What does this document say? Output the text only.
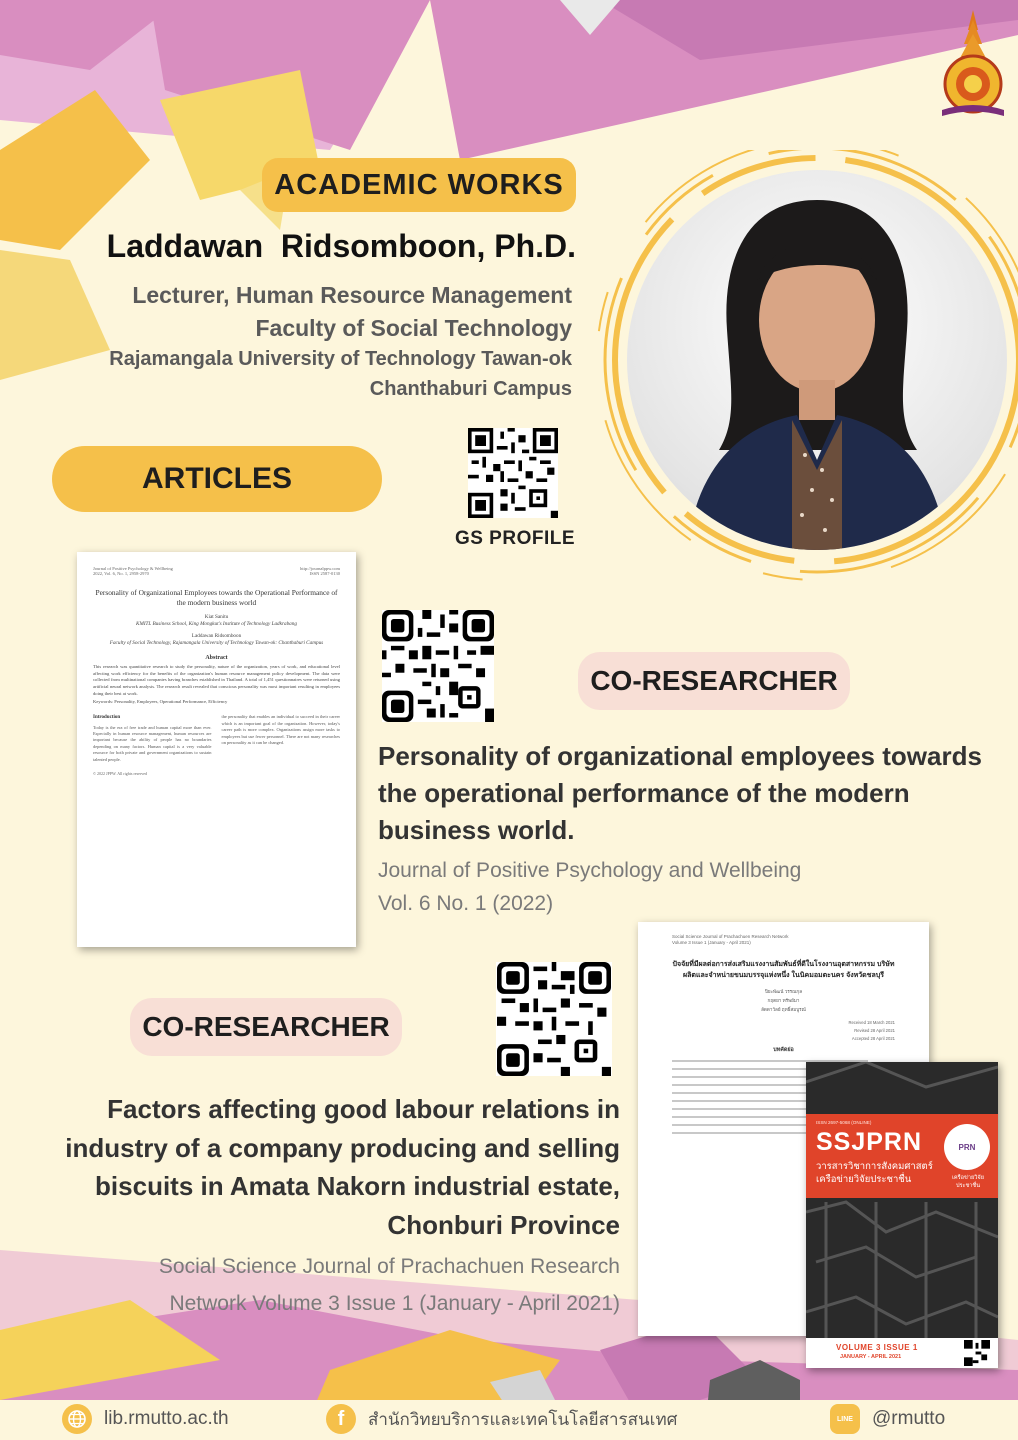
ACADEMIC WORKS
Laddawan  Ridsomboon, Ph.D.
Lecturer, Human Resource Management
Faculty of Social Technology
Rajamangala University of Technology Tawan-ok
Chanthaburi Campus
ARTICLES
GS PROFILE
Journal of Positive Psychology & Wellbeing
2022, Vol. 6, No. 1, 2958-2970
http://journalppw.com
ISSN 2587-0130
Personality of Organizational Employees towards the Operational Performance of the modern business world
Kiat Sanitu
KMITL Business School, King Mongkut's Institute of Technology Ladkrabang
Laddawan Ridsomboon
Faculty of Social Technology, Rajamangala University of Technology Tawan-ok: Chanthaburi Campus
Abstract
This research was quantitative research to study the personality, nature of the organization, years of work, and educational level affecting work efficiency for the benefits of the organization's human resource management policy development. The data were collected from multinational companies having branches established in Thailand. A total of 1,451 questionnaires were returned using artificial neural network analysis. The research result revealed that conscious personality was most important resulting in employees doing their best at work.
Keywords: Personality, Employees, Operational Performance, Efficiency
Introduction
Today is the era of free trade and human capital more than ever. Especially in human resource management, human resources are important because the ability of people has no boundaries depending on many factors. Human capital is a very valuable resource for both private and government organizations to sustain talented people.
the personality that enables an individual to succeed in their career which is an important goal of the organization. However, today's career path is more complex. Organizations assign more tasks to employees but use fewer personnel. There are not many researches on personality as it can be changed.
© 2022 JPPW. All rights reserved
CO-RESEARCHER
Personality of organizational employees towards the operational performance of the modern business world.
Journal of Positive Psychology and Wellbeing
Vol. 6 No. 1 (2022)
CO-RESEARCHER
Factors affecting good labour relations in industry of a company producing and selling biscuits in Amata Nakorn industrial estate, Chonburi Province
Social Science Journal of Prachachuen Research
Network Volume 3 Issue 1 (January - April 2021)
Social Science Journal of Prachachuen Research Network
Volume 3 Issue 1 (January - April 2021)
ปัจจัยที่มีผลต่อการส่งเสริมแรงงานสัมพันธ์ที่ดีในโรงงานอุตสาหกรรม บริษัทผลิตและจำหน่ายขนมบรรจุแห่งหนึ่ง ในนิคมอมตะนคร จังหวัดชลบุรี
ปิยะพัฒน์ วรรณกุล
กฤตยา ทรัพย์มา
ลัดดาวัลย์ ฤทธิ์สมบูรณ์
Received 18 March 2021
Revised 28 April 2021
Accepted 28 April 2021
บทคัดย่อ
ISSN 2697-5068 (ONLINE)
SSJPRN
วารสารวิชาการสังคมศาสตร์ เครือข่ายวิจัยประชาชื่น
PRN
เครือข่ายวิจัยประชาชื่น
VOLUME 3 ISSUE 1
JANUARY - APRIL 2021
lib.rmutto.ac.th	f	สำนักวิทยบริการและเทคโนโลยีสารสนเทศ	LINE @rmutto
